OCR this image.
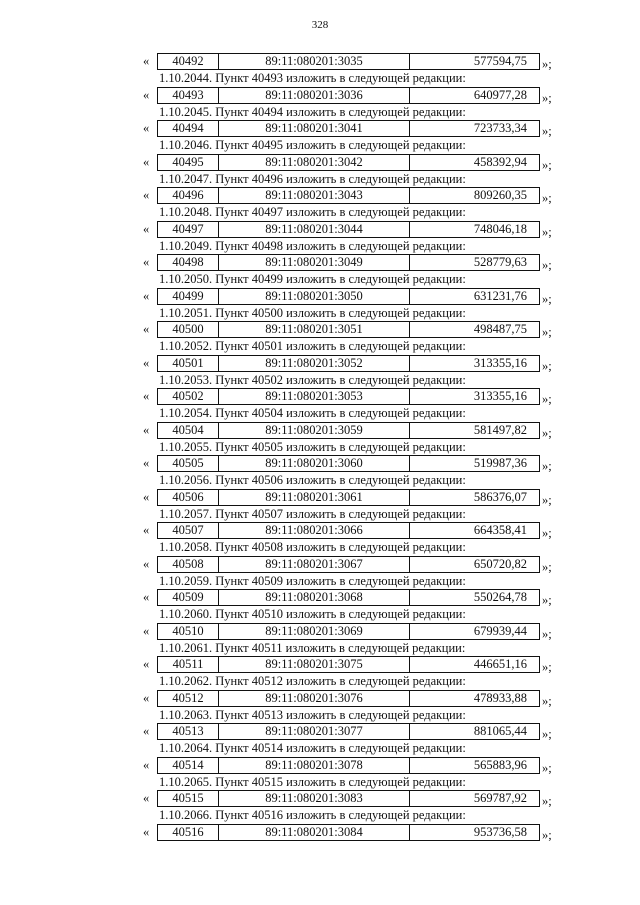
328
«	40492	89:11:080201:3035	577594,75	»;
1.10.2044. Пункт 40493 изложить в следующей редакции:
«	40493	89:11:080201:3036	640977,28	»;
1.10.2045. Пункт 40494 изложить в следующей редакции:
«	40494	89:11:080201:3041	723733,34	»;
1.10.2046. Пункт 40495 изложить в следующей редакции:
«	40495	89:11:080201:3042	458392,94	»;
1.10.2047. Пункт 40496 изложить в следующей редакции:
«	40496	89:11:080201:3043	809260,35	»;
1.10.2048. Пункт 40497 изложить в следующей редакции:
«	40497	89:11:080201:3044	748046,18	»;
1.10.2049. Пункт 40498 изложить в следующей редакции:
«	40498	89:11:080201:3049	528779,63	»;
1.10.2050. Пункт 40499 изложить в следующей редакции:
«	40499	89:11:080201:3050	631231,76	»;
1.10.2051. Пункт 40500 изложить в следующей редакции:
«	40500	89:11:080201:3051	498487,75	»;
1.10.2052. Пункт 40501 изложить в следующей редакции:
«	40501	89:11:080201:3052	313355,16	»;
1.10.2053. Пункт 40502 изложить в следующей редакции:
«	40502	89:11:080201:3053	313355,16	»;
1.10.2054. Пункт 40504 изложить в следующей редакции:
«	40504	89:11:080201:3059	581497,82	»;
1.10.2055. Пункт 40505 изложить в следующей редакции:
«	40505	89:11:080201:3060	519987,36	»;
1.10.2056. Пункт 40506 изложить в следующей редакции:
«	40506	89:11:080201:3061	586376,07	»;
1.10.2057. Пункт 40507 изложить в следующей редакции:
«	40507	89:11:080201:3066	664358,41	»;
1.10.2058. Пункт 40508 изложить в следующей редакции:
«	40508	89:11:080201:3067	650720,82	»;
1.10.2059. Пункт 40509 изложить в следующей редакции:
«	40509	89:11:080201:3068	550264,78	»;
1.10.2060. Пункт 40510 изложить в следующей редакции:
«	40510	89:11:080201:3069	679939,44	»;
1.10.2061. Пункт 40511 изложить в следующей редакции:
«	40511	89:11:080201:3075	446651,16	»;
1.10.2062. Пункт 40512 изложить в следующей редакции:
«	40512	89:11:080201:3076	478933,88	»;
1.10.2063. Пункт 40513 изложить в следующей редакции:
«	40513	89:11:080201:3077	881065,44	»;
1.10.2064. Пункт 40514 изложить в следующей редакции:
«	40514	89:11:080201:3078	565883,96	»;
1.10.2065. Пункт 40515 изложить в следующей редакции:
«	40515	89:11:080201:3083	569787,92	»;
1.10.2066. Пункт 40516 изложить в следующей редакции:
«	40516	89:11:080201:3084	953736,58	»;
